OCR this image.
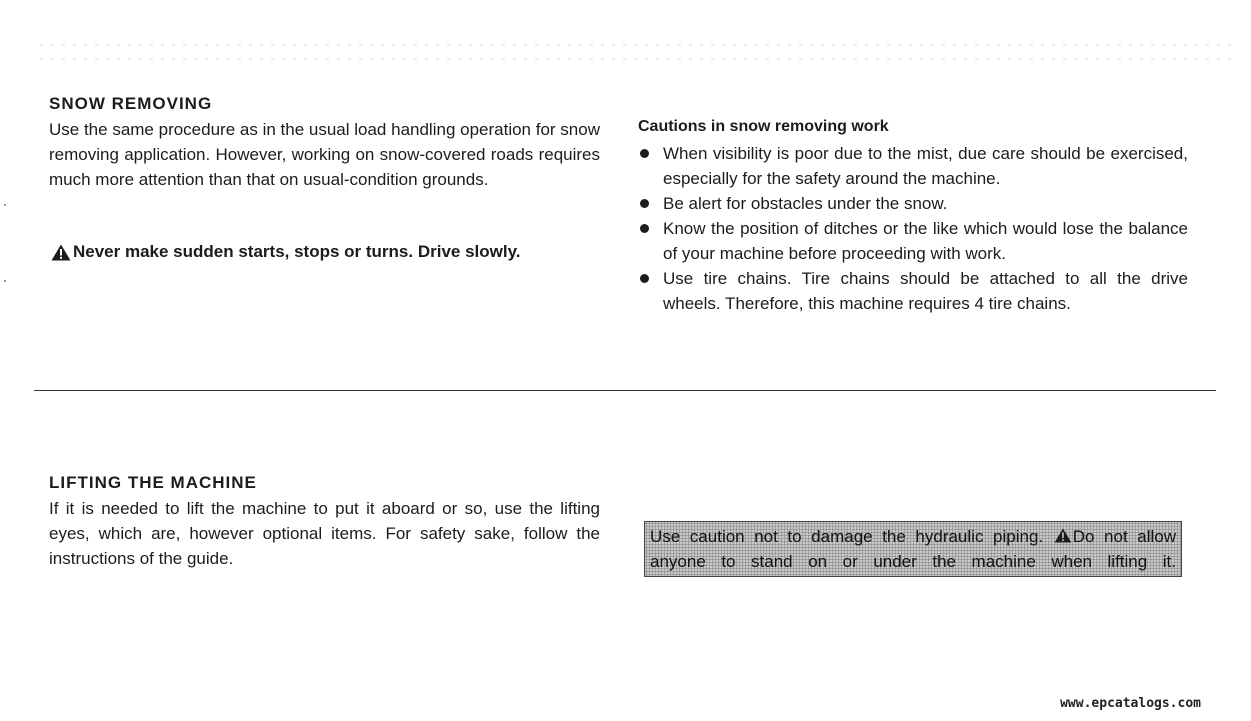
SNOW REMOVING

Use the same procedure as in the usual load handling operation for snow removing application. However, working on snow-covered roads requires much more attention than that on usual-condition grounds.

Never make sudden starts, stops or turns. Drive slowly.
Cautions in snow removing work
When visibility is poor due to the mist, due care should be exercised, especially for the safety around the machine.
Be alert for obstacles under the snow.
Know the position of ditches or the like which would lose the balance of your machine before proceeding with work.
Use tire chains. Tire chains should be attached to all the drive wheels. Therefore, this machine requires 4 tire chains.
LIFTING THE MACHINE

If it is needed to lift the machine to put it aboard or so, use the lifting eyes, which are, however optional items. For safety sake, follow the instructions of the guide.

Use caution not to damage the hydraulic piping. Do not allow anyone to stand on or under the machine when lifting it.
www.epcatalogs.com
